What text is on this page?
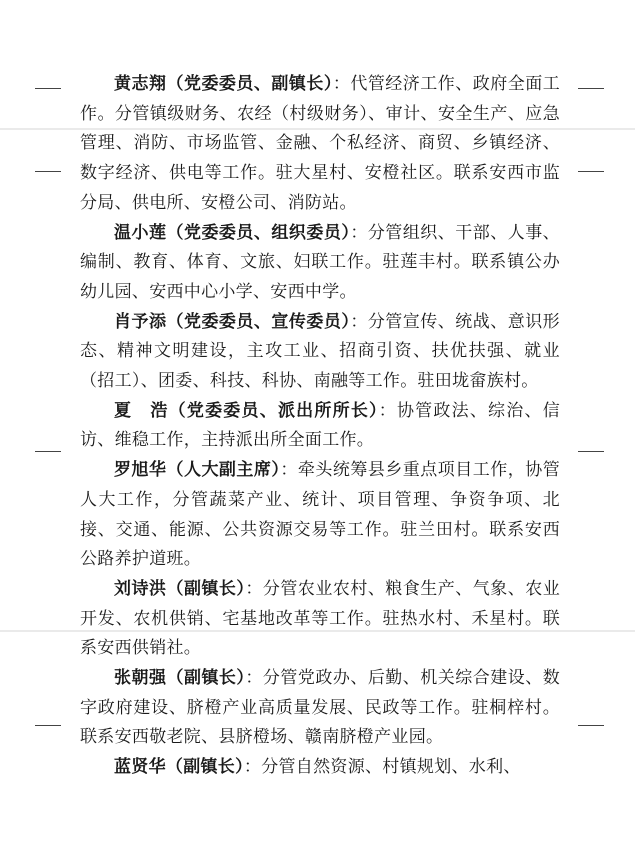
黄志翔（党委委员、副镇长）：代管经济工作、政府全面工作。分管镇级财务、农经（村级财务）、审计、安全生产、应急管理、消防、市场监管、金融、个私经济、商贸、乡镇经济、数字经济、供电等工作。驻大星村、安橙社区。联系安西市监分局、供电所、安橙公司、消防站。

温小莲（党委委员、组织委员）：分管组织、干部、人事、编制、教育、体育、文旅、妇联工作。驻莲丰村。联系镇公办幼儿园、安西中心小学、安西中学。

肖予添（党委委员、宣传委员）：分管宣传、统战、意识形态、精神文明建设，主攻工业、招商引资、扶优扶强、就业（招工）、团委、科技、科协、南融等工作。驻田垅畲族村。

夏　浩（党委委员、派出所所长）：协管政法、综治、信访、维稳工作，主持派出所全面工作。

罗旭华（人大副主席）：牵头统筹县乡重点项目工作，协管人大工作，分管蔬菜产业、统计、项目管理、争资争项、北接、交通、能源、公共资源交易等工作。驻兰田村。联系安西公路养护道班。

刘诗洪（副镇长）：分管农业农村、粮食生产、气象、农业开发、农机供销、宅基地改革等工作。驻热水村、禾星村。联系安西供销社。

张朝强（副镇长）：分管党政办、后勤、机关综合建设、数字政府建设、脐橙产业高质量发展、民政等工作。驻桐梓村。联系安西敬老院、县脐橙场、赣南脐橙产业园。

蓝贤华（副镇长）：分管自然资源、村镇规划、水利、
